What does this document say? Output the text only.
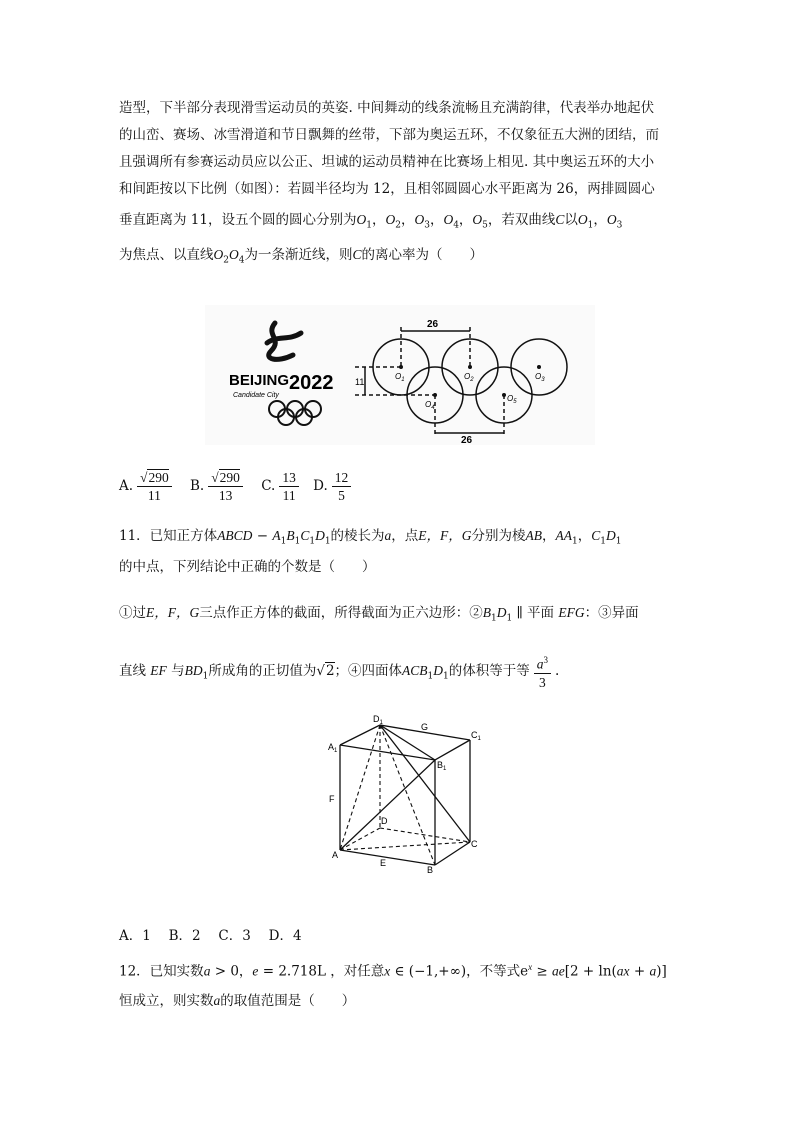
造型，下半部分表现滑雪运动员的英姿. 中间舞动的线条流畅且充满韵律，代表举办地起伏
的山峦、赛场、冰雪滑道和节日飘舞的丝带，下部为奥运五环，不仅象征五大洲的团结，而
且强调所有参赛运动员应以公正、坦诚的运动员精神在比赛场上相见. 其中奥运五环的大小
和间距按以下比例（如图）：若圆半径均为 12，且相邻圆圆心水平距离为 26，两排圆圆心
垂直距离为 11，设五个圆的圆心分别为$O_1$，$O_2$，$O_3$，$O_4$，$O_5$，若双曲线C以$O_1$，$O_3$
为焦点、以直线$O_2O_4$为一条渐近线，则C的离心率为（　　）
BEIJING 2022
Candidate City
26
26
11
$O_1$	$O_2$	$O_3$
$O_4$
$O_5$
A. $\frac{√290}{11} B$. $\frac{√290}{13} C$. $\frac{13}{11} D$. $\frac{12}{5}$
11．已知正方体ABCD − $A_1B_1C_1D_1$的棱长为a，点E，F，G分别为棱AB，$AA_1$，$C_1D_1$
的中点，下列结论中正确的个数是（　　）
①过E，F，G三点作正方体的截面，所得截面为正六边形：$②B_1D_1$ ∥ 平面 EFG：③异面
直线 EF 与$BD_1$所成角的正切值为√2；④四面体$ACB_1D_1$的体积等于等 $\frac{a^3}{3}$ .
$D_1$	G
$C_1$
$A_1$
$B_1$
F
D
C
A
E
B
A．1　 B．2　 C．3　 D．4
12．已知实数a > 0，e = 2.718L ，对任意x ∈ (−1,+∞)，不等式$e^x \ge ae[2 + \ln(ax + a)]$
恒成立，则实数a的取值范围是（　　）
